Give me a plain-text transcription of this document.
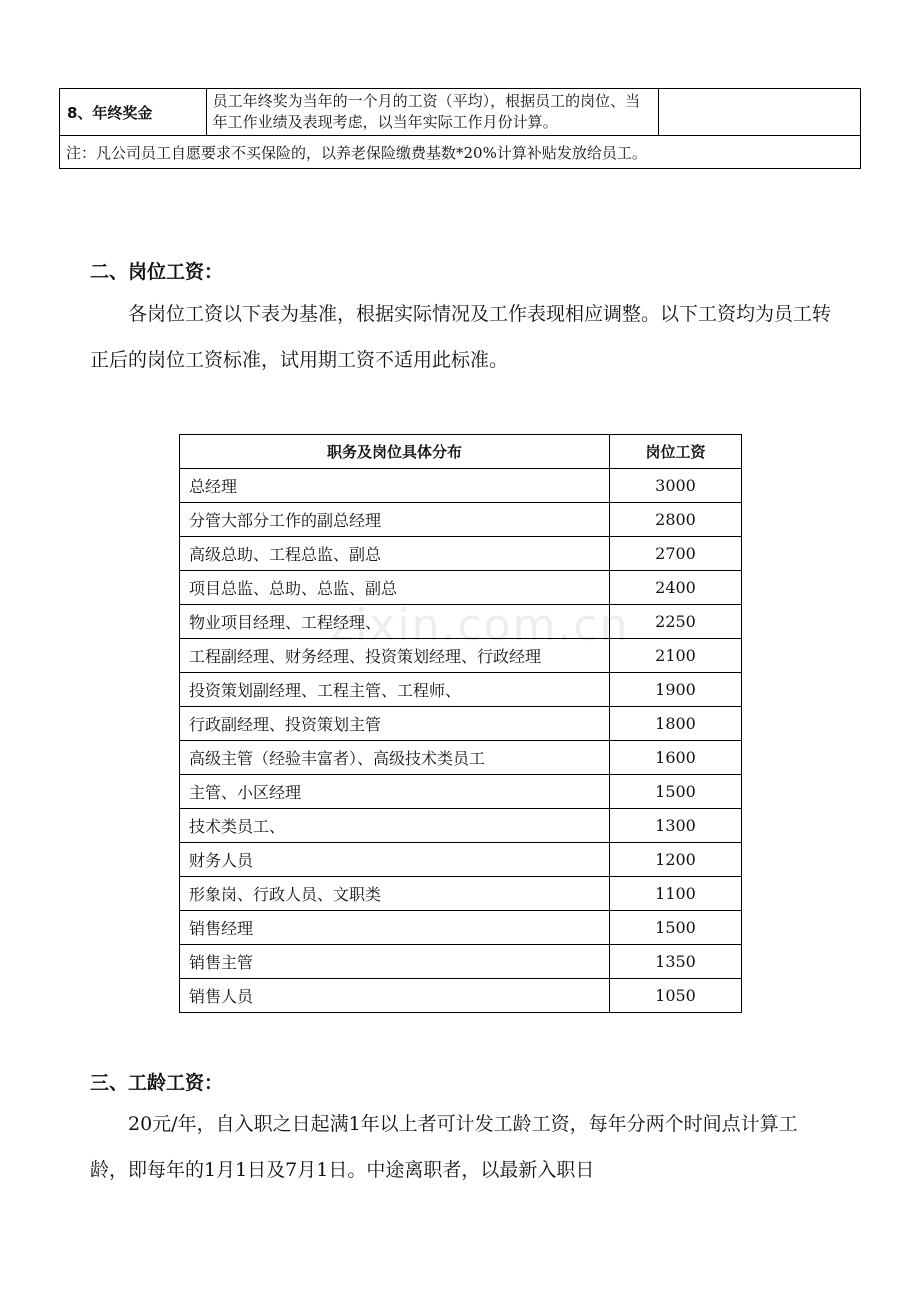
8、年终奖金	员工年终奖为当年的一个月的工资（平均），根据员工的岗位、当年工作业绩及表现考虑，以当年实际工作月份计算。	
注：凡公司员工自愿要求不买保险的，以养老保险缴费基数*20%计算补贴发放给员工。
二、岗位工资：

各岗位工资以下表为基准，根据实际情况及工作表现相应调整。以下工资均为员工转正后的岗位工资标准，试用期工资不适用此标准。

zixin.com.cn
职务及岗位具体分布	岗位工资
总经理	3000
分管大部分工作的副总经理	2800
高级总助、工程总监、副总	2700
项目总监、总助、总监、副总	2400
物业项目经理、工程经理、	2250
工程副经理、财务经理、投资策划经理、行政经理	2100
投资策划副经理、工程主管、工程师、	1900
行政副经理、投资策划主管	1800
高级主管（经验丰富者）、高级技术类员工	1600
主管、小区经理	1500
技术类员工、	1300
财务人员	1200
形象岗、行政人员、文职类	1100
销售经理	1500
销售主管	1350
销售人员	1050
三、工龄工资：

20元/年，自入职之日起满1年以上者可计发工龄工资，每年分两个时间点计算工龄，即每年的1月1日及7月1日。中途离职者，以最新入职日
